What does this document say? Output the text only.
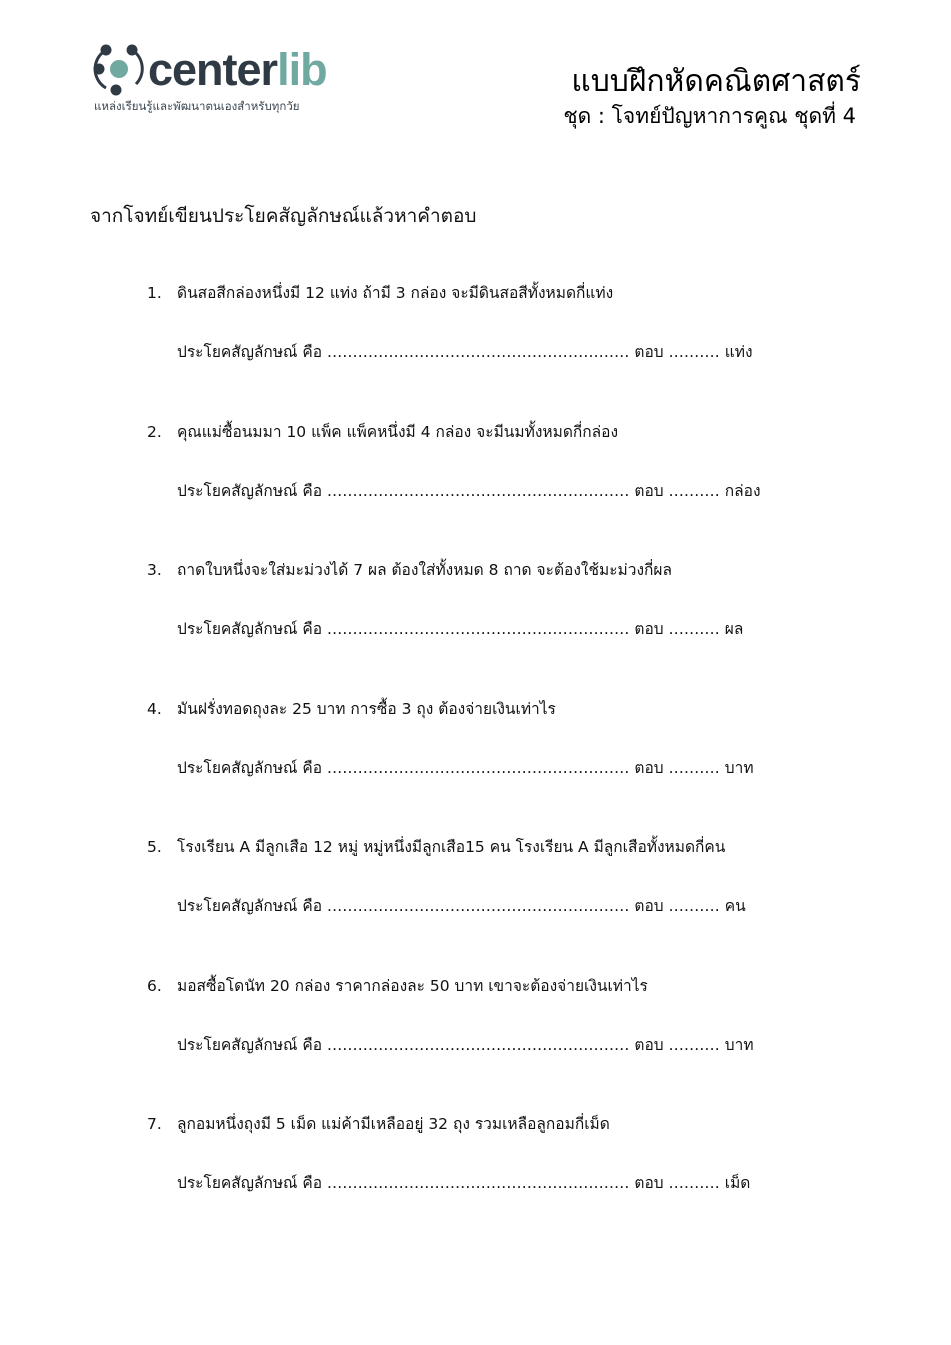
centerlib
แหล่งเรียนรู้และพัฒนาตนเองสำหรับทุกวัย
แบบฝึกหัดคณิตศาสตร์
ชุด : โจทย์ปัญหาการคูณ ชุดที่ 4
จากโจทย์เขียนประโยคสัญลักษณ์แล้วหาคำตอบ
1. ดินสอสีกล่องหนึ่งมี 12 แท่ง ถ้ามี 3 กล่อง จะมีดินสอสีทั้งหมดกี่แท่ง
ประโยคสัญลักษณ์ คือ ........................................................... ตอบ .......... แท่ง
2. คุณแม่ซื้อนมมา 10 แพ็ค แพ็คหนึ่งมี 4 กล่อง จะมีนมทั้งหมดกี่กล่อง
ประโยคสัญลักษณ์ คือ ........................................................... ตอบ .......... กล่อง
3. ถาดใบหนึ่งจะใส่มะม่วงได้ 7 ผล ต้องใส่ทั้งหมด 8 ถาด จะต้องใช้มะม่วงกี่ผล
ประโยคสัญลักษณ์ คือ ........................................................... ตอบ .......... ผล
4. มันฝรั่งทอดถุงละ 25 บาท การซื้อ 3 ถุง ต้องจ่ายเงินเท่าไร
ประโยคสัญลักษณ์ คือ ........................................................... ตอบ .......... บาท
5. โรงเรียน A มีลูกเสือ 12 หมู่ หมู่หนึ่งมีลูกเสือ15 คน โรงเรียน A มีลูกเสือทั้งหมดกี่คน
ประโยคสัญลักษณ์ คือ ........................................................... ตอบ .......... คน
6. มอสซื้อโดนัท 20 กล่อง ราคากล่องละ 50 บาท เขาจะต้องจ่ายเงินเท่าไร
ประโยคสัญลักษณ์ คือ ........................................................... ตอบ .......... บาท
7. ลูกอมหนึ่งถุงมี 5 เม็ด แม่ค้ามีเหลืออยู่ 32 ถุง รวมเหลือลูกอมกี่เม็ด
ประโยคสัญลักษณ์ คือ ........................................................... ตอบ .......... เม็ด
